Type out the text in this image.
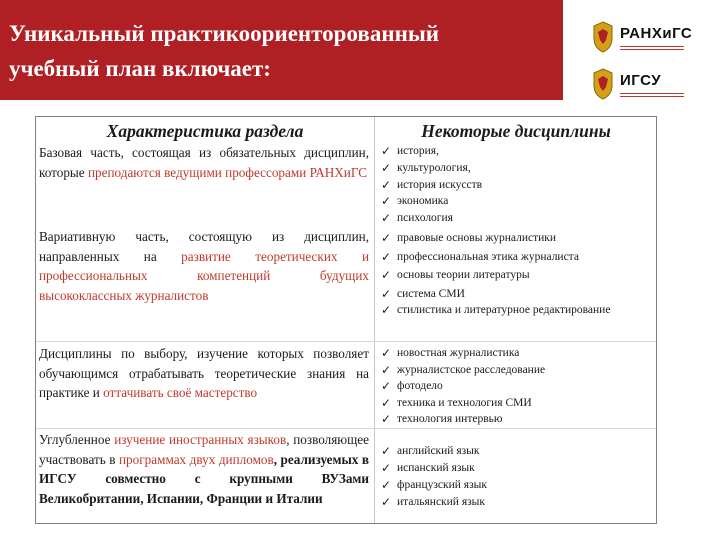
Уникальный практикоориенторованный
учебный план включает:
РАНХиГС
ИГСУ
Характеристика раздела	Некоторые дисциплины
Базовая часть, состоящая из обязательных дисциплин, которые преподаются ведущими профессорами РАНХиГС
✓ история,
✓ культурология,
✓ история искусств
✓ экономика
✓ психология
Вариативную часть, состоящую из дисциплин, направленных на развитие теоретических и профессиональных компетенций будущих высококлассных журналистов
✓ правовые основы журналистики
✓ профессиональная этика журналиста
✓ основы теории литературы
✓ система СМИ
✓ стилистика и литературное редактирование
Дисциплины по выбору, изучение которых позволяет обучающимся отрабатывать теоретические знания на практике и оттачивать своё мастерство
✓ новостная журналистика
✓ журналистское расследование
✓ фотодело
✓ техника и технология СМИ
✓ технология интервью
Углубленное изучение иностранных языков, позволяющее участвовать в программах двух дипломов, реализуемых в ИГСУ совместно с крупными ВУЗами Великобритании, Испании, Франции и Италии
✓ английский язык
✓ испанский язык
✓ французский язык
✓ итальянский язык
